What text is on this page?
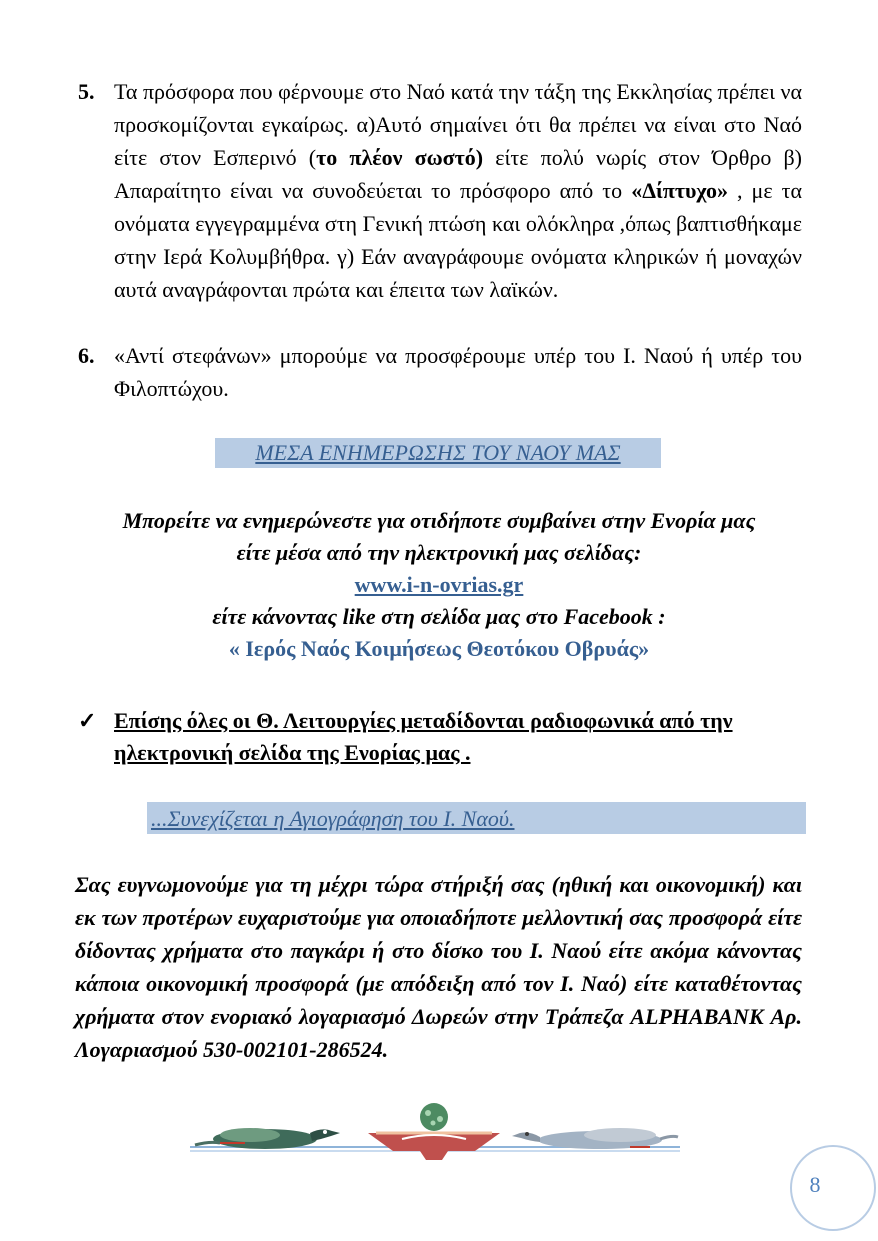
5. Τα πρόσφορα που φέρνουμε στο Ναό κατά την τάξη της Εκκλησίας πρέπει να προσκομίζονται εγκαίρως. α)Αυτό σημαίνει ότι θα πρέπει να είναι στο Ναό είτε στον Εσπερινό (το πλέον σωστό) είτε πολύ νωρίς στον Όρθρο β) Απαραίτητο είναι να συνοδεύεται το πρόσφορο από το «Δίπτυχο» , με τα ονόματα εγγεγραμμένα στη Γενική πτώση και ολόκληρα ,όπως βαπτισθήκαμε στην Ιερά Κολυμβήθρα. γ) Εάν αναγράφουμε ονόματα κληρικών ή μοναχών αυτά αναγράφονται πρώτα και έπειτα των λαϊκών.
6. «Αντί στεφάνων» μπορούμε να προσφέρουμε υπέρ του Ι. Ναού ή υπέρ του Φιλοπτώχου.
ΜΕΣΑ ΕΝΗΜΕΡΩΣΗΣ ΤΟΥ ΝΑΟΥ ΜΑΣ
Μπορείτε να ενημερώνεστε για οτιδήποτε συμβαίνει στην Ενορία μας
είτε μέσα από την ηλεκτρονική μας σελίδας:
www.i-n-ovrias.gr
είτε κάνοντας like στη σελίδα μας στο Facebook :
« Ιερός Ναός Κοιμήσεως Θεοτόκου Οβρυάς»
✓ Επίσης όλες οι Θ. Λειτουργίες μεταδίδονται ραδιοφωνικά από την ηλεκτρονική σελίδα της Ενορίας μας .
...Συνεχίζεται η Αγιογράφηση του Ι. Ναού.
Σας ευγνωμονούμε για τη μέχρι τώρα στήριξή σας (ηθική και οικονομική) και εκ των προτέρων ευχαριστούμε για οποιαδήποτε μελλοντική σας προσφορά είτε δίδοντας χρήματα στο παγκάρι ή στο δίσκο του Ι. Ναού είτε ακόμα κάνοντας κάποια οικονομική προσφορά (με απόδειξη από τον Ι. Ναό) είτε καταθέτοντας χρήματα στον ενοριακό λογαριασμό Δωρεών στην Τράπεζα ALPHABANK Αρ. Λογαριασμού 530-002101-286524.
8
